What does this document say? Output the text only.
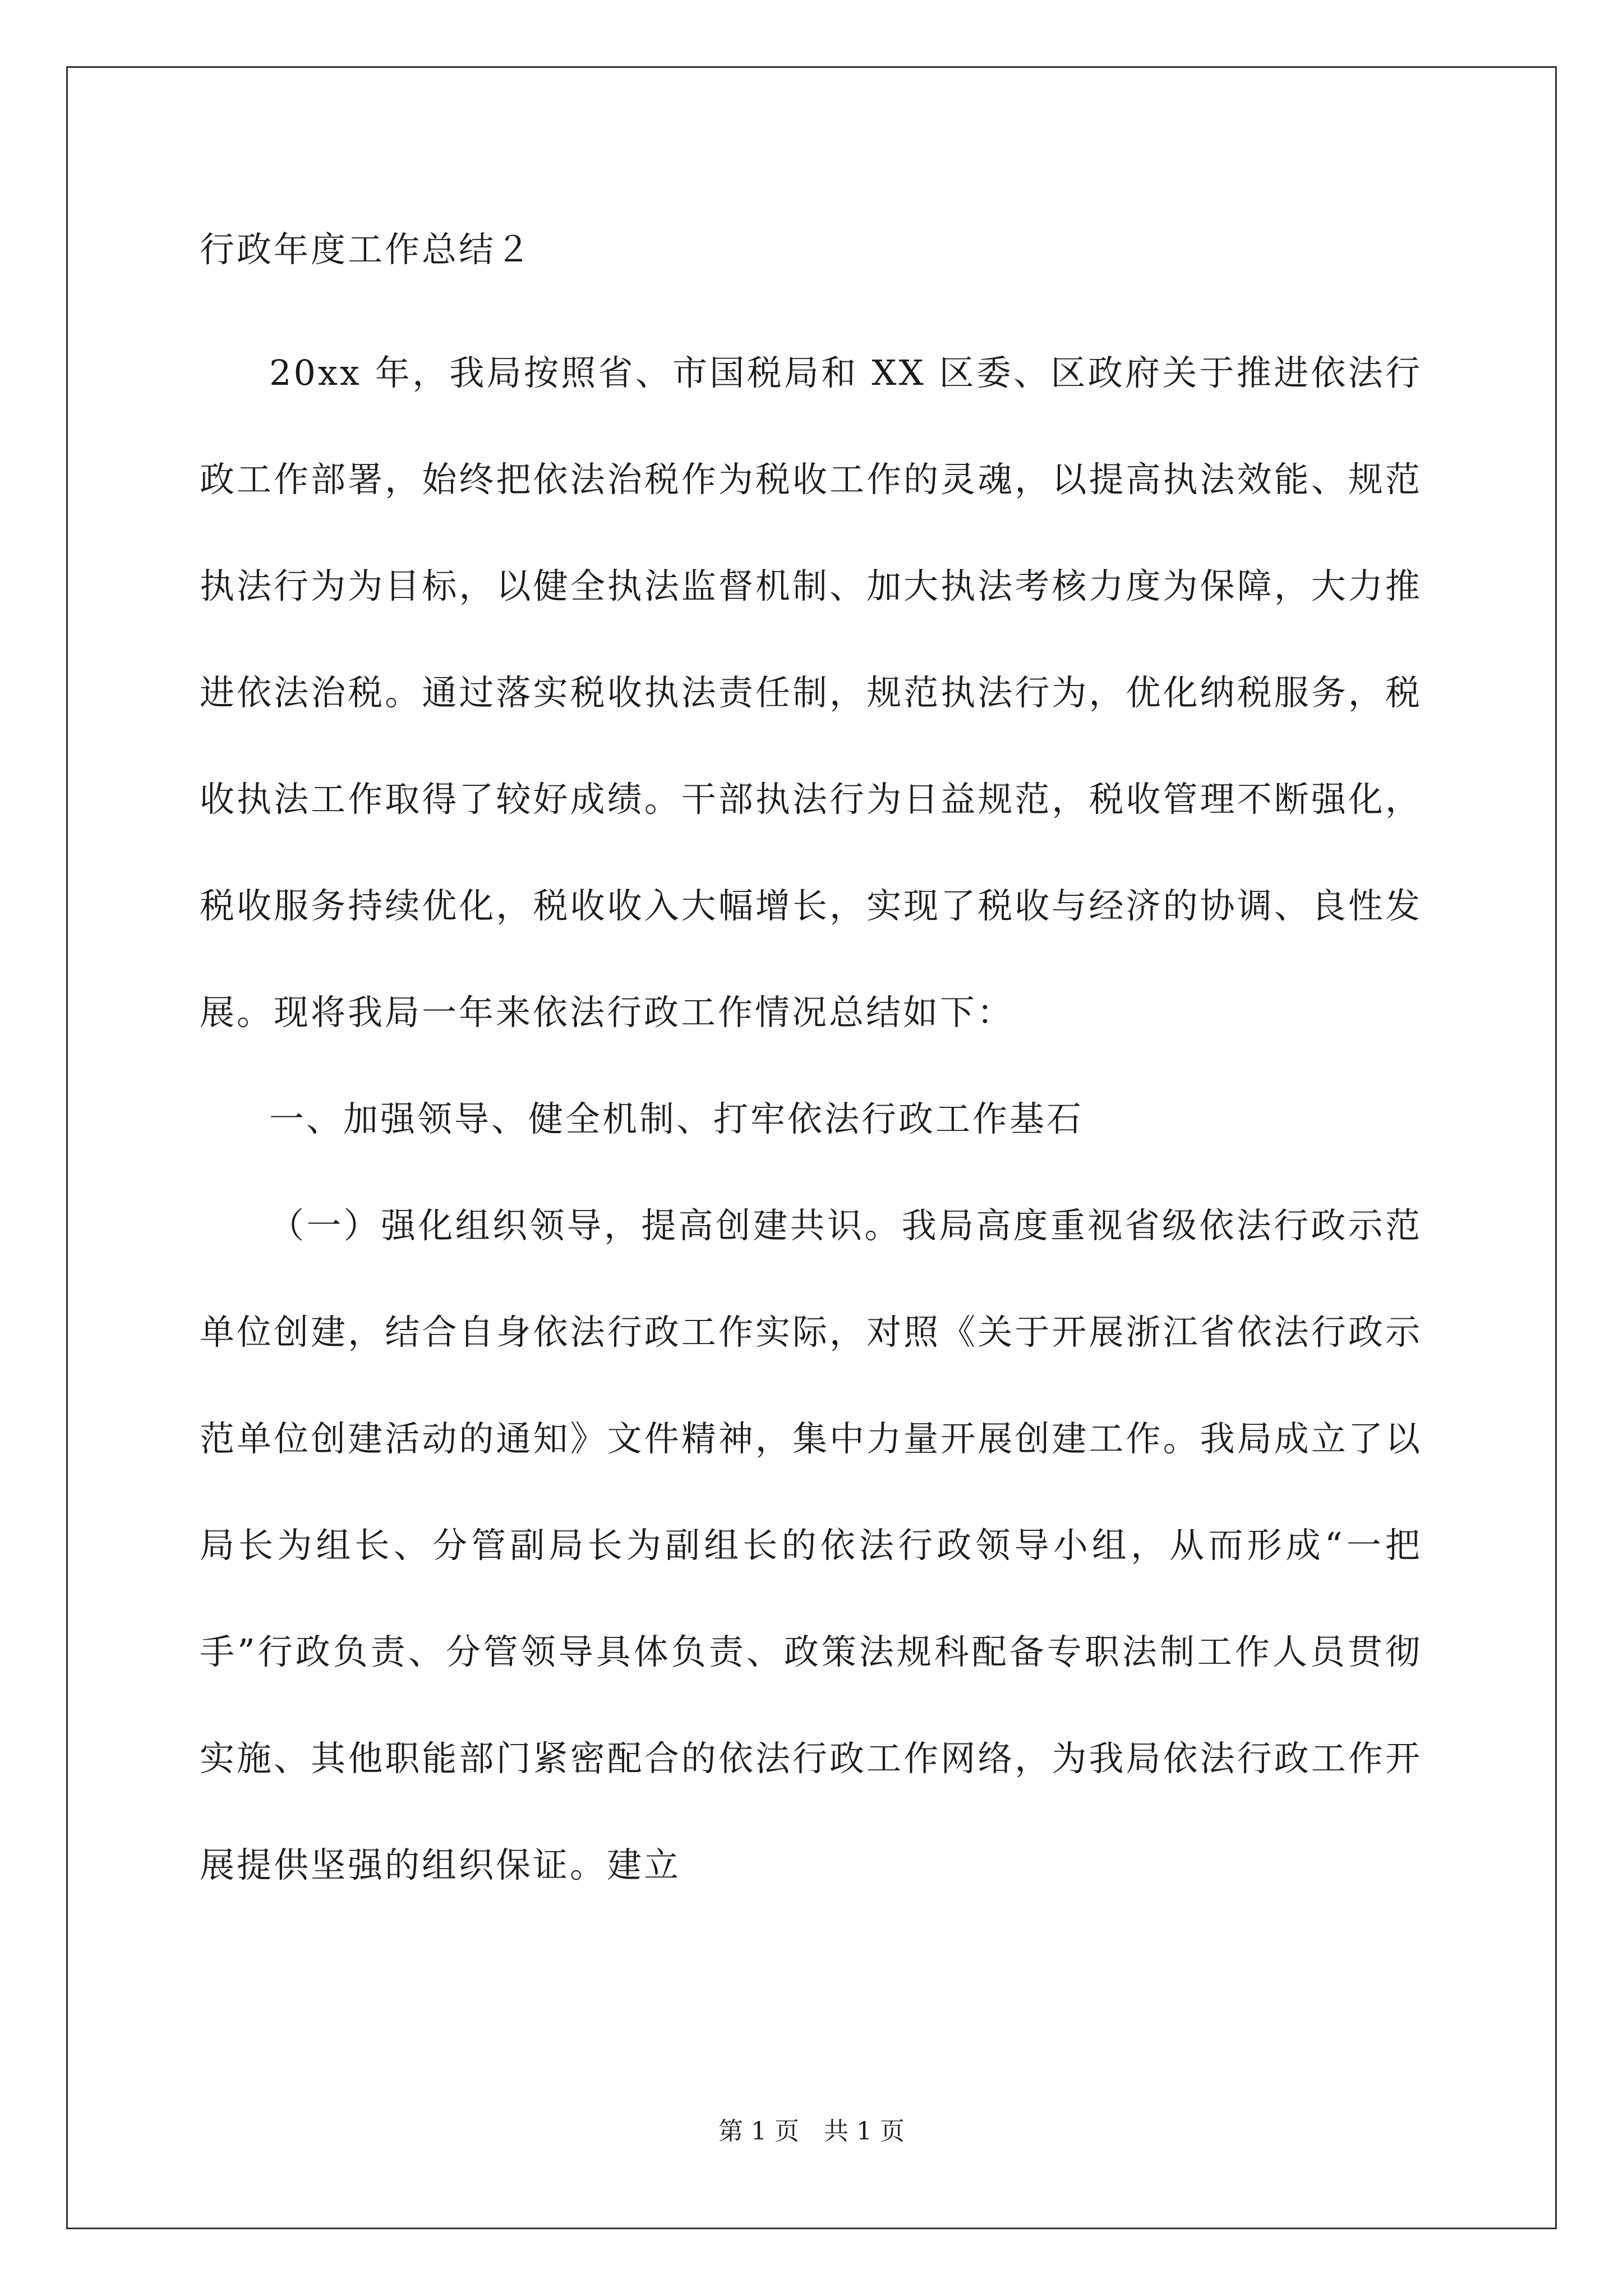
行政年度工作总结２

20xx 年，我局按照省、市国税局和 XX 区委、区政府关于推进依法行政工作部署，始终把依法治税作为税收工作的灵魂，以提高执法效能、规范执法行为为目标，以健全执法监督机制、加大执法考核力度为保障，大力推进依法治税。通过落实税收执法责任制，规范执法行为，优化纳税服务，税收执法工作取得了较好成绩。干部执法行为日益规范，税收管理不断强化，税收服务持续优化，税收收入大幅增长，实现了税收与经济的协调、良性发展。现将我局一年来依法行政工作情况总结如下：

一、加强领导、健全机制、打牢依法行政工作基石

（一）强化组织领导，提高创建共识。我局高度重视省级依法行政示范单位创建，结合自身依法行政工作实际，对照《关于开展浙江省依法行政示范单位创建活动的通知》文件精神，集中力量开展创建工作。我局成立了以局长为组长、分管副局长为副组长的依法行政领导小组，从而形成“一把手”行政负责、分管领导具体负责、政策法规科配备专职法制工作人员贯彻实施、其他职能部门紧密配合的依法行政工作网络，为我局依法行政工作开展提供坚强的组织保证。建立

第 1 页　共 1 页
